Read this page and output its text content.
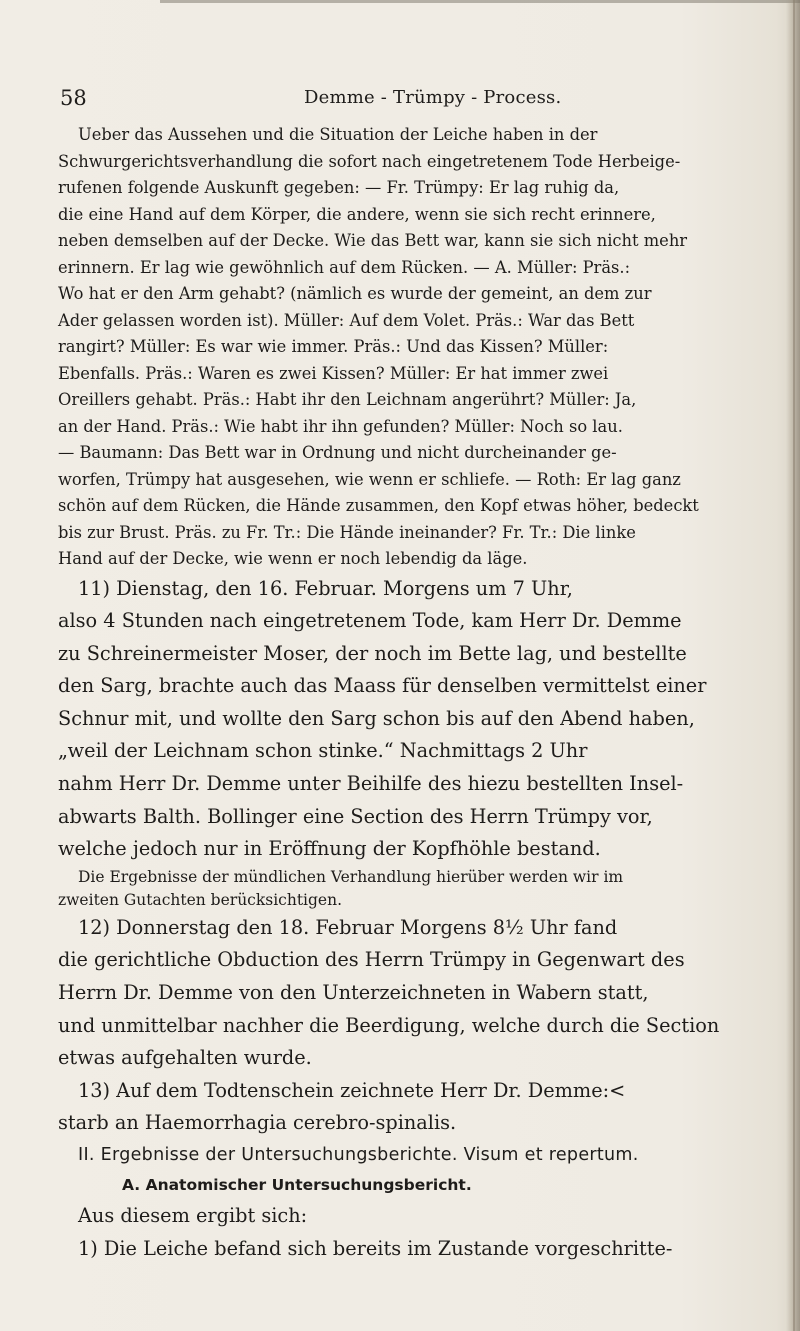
58	Demme - Trümpy - Process.
Ueber das Aussehen und die Situation der Leiche haben in der
Schwurgerichtsverhandlung die sofort nach eingetretenem Tode Herbeige-
rufenen folgende Auskunft gegeben: — Fr. Trümpy: Er lag ruhig da,
die eine Hand auf dem Körper, die andere, wenn sie sich recht erinnere,
neben demselben auf der Decke. Wie das Bett war, kann sie sich nicht mehr
erinnern. Er lag wie gewöhnlich auf dem Rücken. — A. Müller: Präs.:
Wo hat er den Arm gehabt? (nämlich es wurde der gemeint, an dem zur
Ader gelassen worden ist). Müller: Auf dem Volet. Präs.: War das Bett
rangirt? Müller: Es war wie immer. Präs.: Und das Kissen? Müller:
Ebenfalls. Präs.: Waren es zwei Kissen? Müller: Er hat immer zwei
Oreillers gehabt. Präs.: Habt ihr den Leichnam angerührt? Müller: Ja,
an der Hand. Präs.: Wie habt ihr ihn gefunden? Müller: Noch so lau.
— Baumann: Das Bett war in Ordnung und nicht durcheinander ge-
worfen, Trümpy hat ausgesehen, wie wenn er schliefe. — Roth: Er lag ganz
schön auf dem Rücken, die Hände zusammen, den Kopf etwas höher, bedeckt
bis zur Brust. Präs. zu Fr. Tr.: Die Hände ineinander? Fr. Tr.: Die linke
Hand auf der Decke, wie wenn er noch lebendig da läge.
11) Dienstag, den 16. Februar. Morgens um 7 Uhr,
also 4 Stunden nach eingetretenem Tode, kam Herr Dr. Demme
zu Schreinermeister Moser, der noch im Bette lag, und bestellte
den Sarg, brachte auch das Maass für denselben vermittelst einer
Schnur mit, und wollte den Sarg schon bis auf den Abend haben,
„weil der Leichnam schon stinke.“ Nachmittags 2 Uhr
nahm Herr Dr. Demme unter Beihilfe des hiezu bestellten Insel-
abwarts Balth. Bollinger eine Section des Herrn Trümpy vor,
welche jedoch nur in Eröffnung der Kopfhöhle bestand.
Die Ergebnisse der mündlichen Verhandlung hierüber werden wir im
zweiten Gutachten berücksichtigen.
12) Donnerstag den 18. Februar Morgens 8½ Uhr fand
die gerichtliche Obduction des Herrn Trümpy in Gegenwart des
Herrn Dr. Demme von den Unterzeichneten in Wabern statt,
und unmittelbar nachher die Beerdigung, welche durch die Section
etwas aufgehalten wurde.
13) Auf dem Todtenschein zeichnete Herr Dr. Demme:<
starb an Haemorrhagia cerebro-spinalis.
II. Ergebnisse der Untersuchungsberichte. Visum et repertum.
A. Anatomischer Untersuchungsbericht.
Aus diesem ergibt sich:
1) Die Leiche befand sich bereits im Zustande vorgeschritte-
